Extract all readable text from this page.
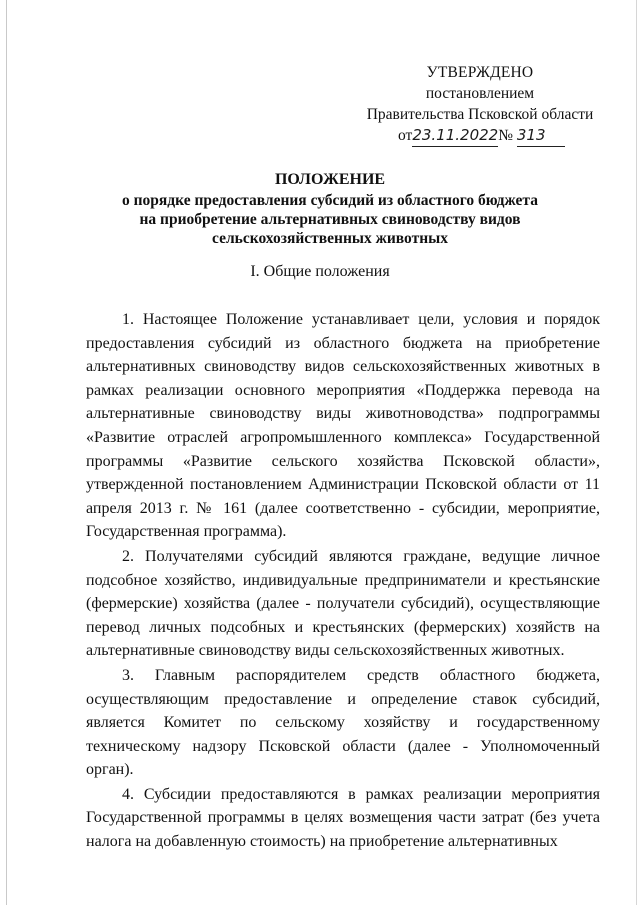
УТВЕРЖДЕНО
постановлением
Правительства Псковской области
от23.11.2022№ 313
ПОЛОЖЕНИЕ
о порядке предоставления субсидий из областного бюджета
на приобретение альтернативных свиноводству видов
сельскохозяйственных животных
I. Общие положения

1. Настоящее Положение устанавливает цели, условия и порядок предоставления субсидий из областного бюджета на приобретение альтернативных свиноводству видов сельскохозяйственных животных в рамках реализации основного мероприятия «Поддержка перевода на альтернативные свиноводству виды животноводства» подпрограммы «Развитие отраслей агропромышленного комплекса» Государственной программы «Развитие сельского хозяйства Псковской области», утвержденной постановлением Администрации Псковской области от 11 апреля 2013 г. № 161 (далее соответственно - субсидии, мероприятие, Государственная программа).

2. Получателями субсидий являются граждане, ведущие личное подсобное хозяйство, индивидуальные предприниматели и крестьянские (фермерские) хозяйства (далее - получатели субсидий), осуществляющие перевод личных подсобных и крестьянских (фермерских) хозяйств на альтернативные свиноводству виды сельскохозяйственных животных.

3. Главным распорядителем средств областного бюджета, осуществляющим предоставление и определение ставок субсидий, является Комитет по сельскому хозяйству и государственному техническому надзору Псковской области (далее - Уполномоченный орган).

4. Субсидии предоставляются в рамках реализации мероприятия Государственной программы в целях возмещения части затрат (без учета налога на добавленную стоимость) на приобретение альтернативных
